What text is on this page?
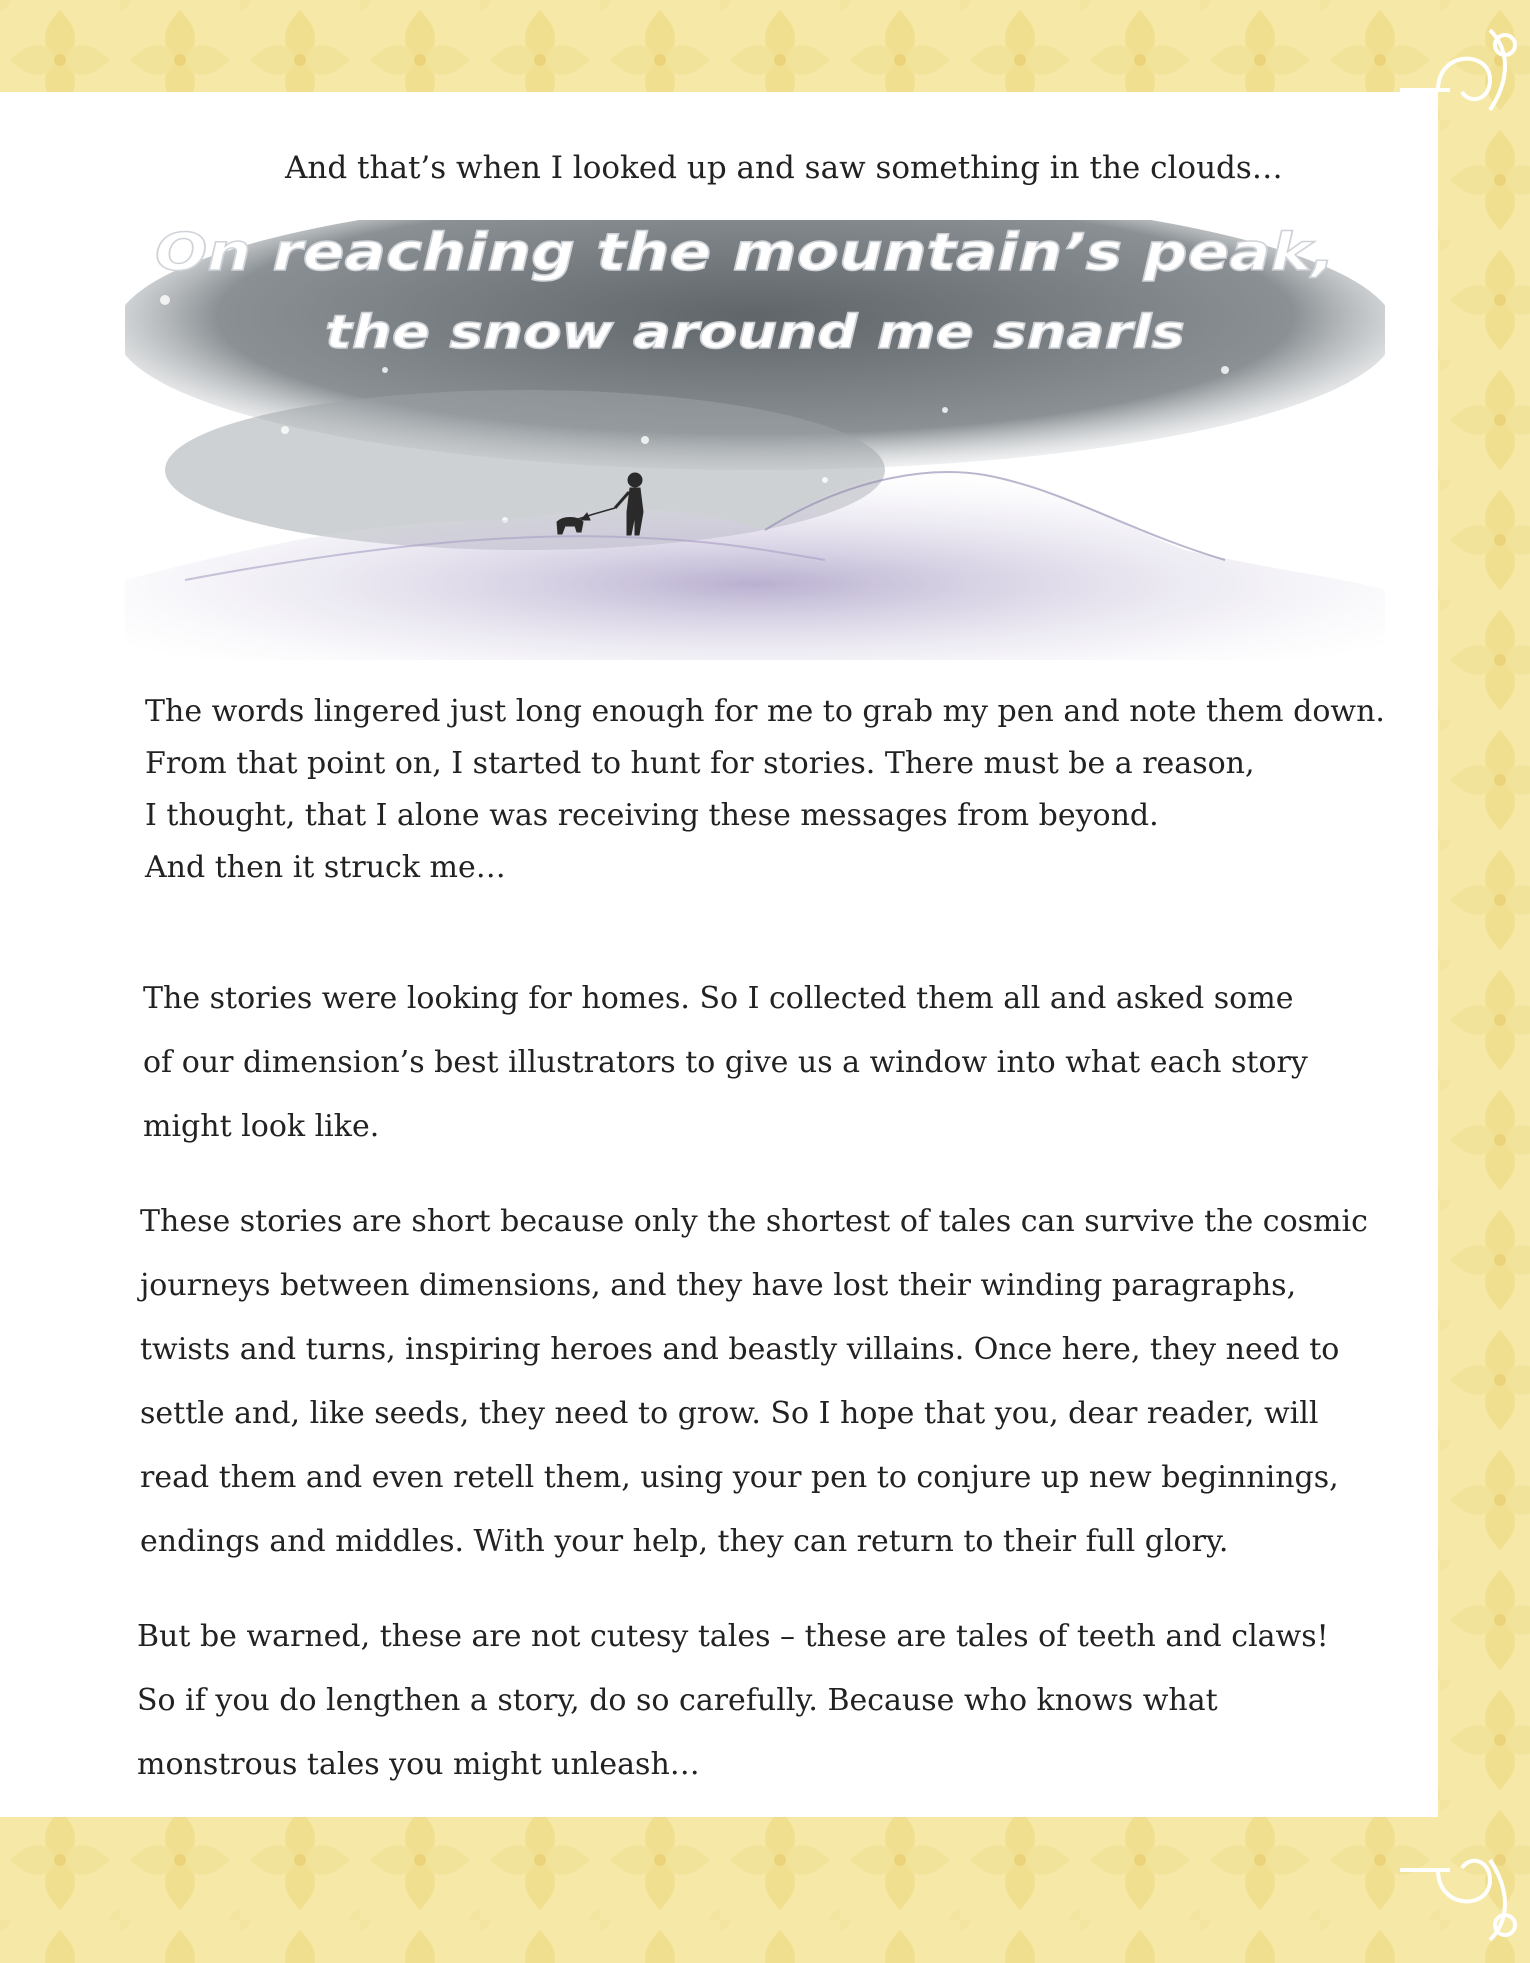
And that’s when I looked up and saw something in the clouds…
On reaching the mountain’s peak,
the snow around me snarls

The words lingered just long enough for me to grab my pen and note them down.
From that point on, I started to hunt for stories. There must be a reason,
I thought, that I alone was receiving these messages from beyond.
And then it struck me…

The stories were looking for homes. So I collected them all and asked some
of our dimension’s best illustrators to give us a window into what each story
might look like.

These stories are short because only the shortest of tales can survive the cosmic
journeys between dimensions, and they have lost their winding paragraphs,
twists and turns, inspiring heroes and beastly villains. Once here, they need to
settle and, like seeds, they need to grow. So I hope that you, dear reader, will
read them and even retell them, using your pen to conjure up new beginnings,
endings and middles. With your help, they can return to their full glory.

But be warned, these are not cutesy tales – these are tales of teeth and claws!
So if you do lengthen a story, do so carefully. Because who knows what
monstrous tales you might unleash…
